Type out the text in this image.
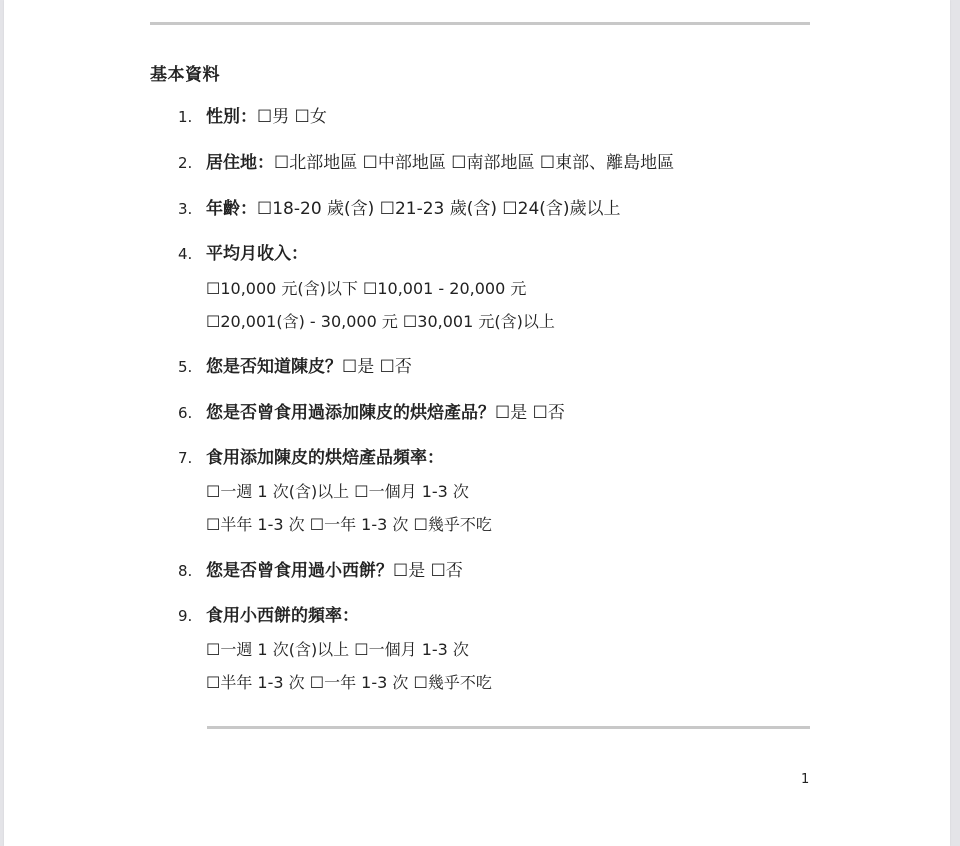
基本資料
1. 性別：☐男 ☐女
2. 居住地：☐北部地區 ☐中部地區 ☐南部地區 ☐東部、離島地區
3. 年齡：☐18-20 歲(含) ☐21-23 歲(含) ☐24(含)歲以上
4. 平均月收入：
☐10,000 元(含)以下 ☐10,001 - 20,000 元
☐20,001(含) - 30,000 元 ☐30,001 元(含)以上
5. 您是否知道陳皮？☐是 ☐否
6. 您是否曾食用過添加陳皮的烘焙產品？☐是 ☐否
7. 食用添加陳皮的烘焙產品頻率：
☐一週 1 次(含)以上 ☐一個月 1-3 次
☐半年 1-3 次 ☐一年 1-3 次 ☐幾乎不吃
8. 您是否曾食用過小西餅？☐是 ☐否
9. 食用小西餅的頻率：
☐一週 1 次(含)以上 ☐一個月 1-3 次
☐半年 1-3 次 ☐一年 1-3 次 ☐幾乎不吃
1
